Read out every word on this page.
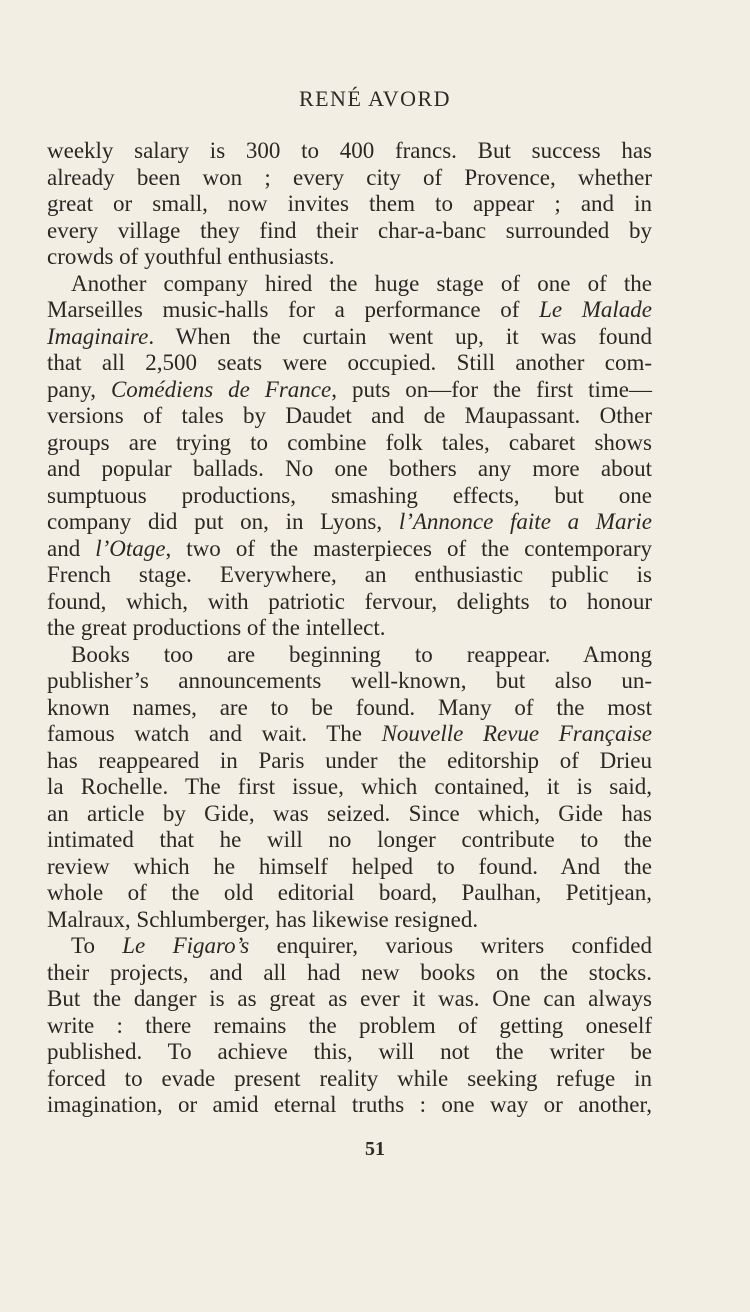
RENÉ AVORD
weekly salary is 300 to 400 francs. But success has
already been won ; every city of Provence, whether
great or small, now invites them to appear ; and in
every village they find their char-a-banc surrounded by
crowds of youthful enthusiasts.
Another company hired the huge stage of one of the
Marseilles music-halls for a performance of Le Malade
Imaginaire. When the curtain went up, it was found
that all 2,500 seats were occupied. Still another com-
pany, Comédiens de France, puts on—for the first time—
versions of tales by Daudet and de Maupassant. Other
groups are trying to combine folk tales, cabaret shows
and popular ballads. No one bothers any more about
sumptuous productions, smashing effects, but one
company did put on, in Lyons, l’Annonce faite a Marie
and l’Otage, two of the masterpieces of the contemporary
French stage. Everywhere, an enthusiastic public is
found, which, with patriotic fervour, delights to honour
the great productions of the intellect.
Books too are beginning to reappear. Among
publisher’s announcements well-known, but also un-
known names, are to be found. Many of the most
famous watch and wait. The Nouvelle Revue Française
has reappeared in Paris under the editorship of Drieu
la Rochelle. The first issue, which contained, it is said,
an article by Gide, was seized. Since which, Gide has
intimated that he will no longer contribute to the
review which he himself helped to found. And the
whole of the old editorial board, Paulhan, Petitjean,
Malraux, Schlumberger, has likewise resigned.
To Le Figaro’s enquirer, various writers confided
their projects, and all had new books on the stocks.
But the danger is as great as ever it was. One can always
write : there remains the problem of getting oneself
published. To achieve this, will not the writer be
forced to evade present reality while seeking refuge in
imagination, or amid eternal truths : one way or another,
51
